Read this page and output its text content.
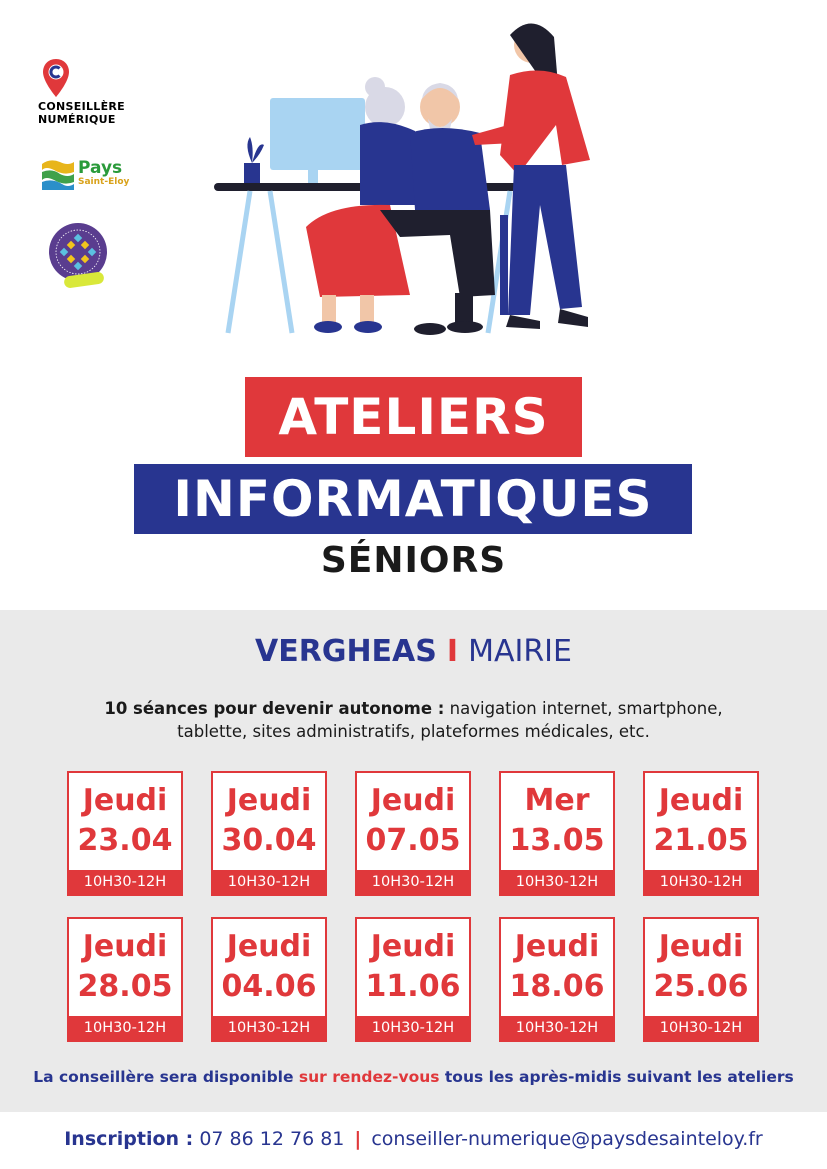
CONSEILLÈRE
NUMÉRIQUE
Pays
Saint-Eloy
ATELIERS
INFORMATIQUES
SÉNIORS
VERGHEAS I MAIRIE
10 séances pour devenir autonome : navigation internet, smartphone,
tablette, sites administratifs, plateformes médicales, etc.
Jeudi
23.04
10H30-12H
Jeudi
30.04
10H30-12H
Jeudi
07.05
10H30-12H
Mer
13.05
10H30-12H
Jeudi
21.05
10H30-12H
Jeudi
28.05
10H30-12H
Jeudi
04.06
10H30-12H
Jeudi
11.06
10H30-12H
Jeudi
18.06
10H30-12H
Jeudi
25.06
10H30-12H
La conseillère sera disponible sur rendez-vous tous les après-midis suivant les ateliers
Inscription : 07 86 12 76 81 | conseiller-numerique@paysdesainteloy.fr
